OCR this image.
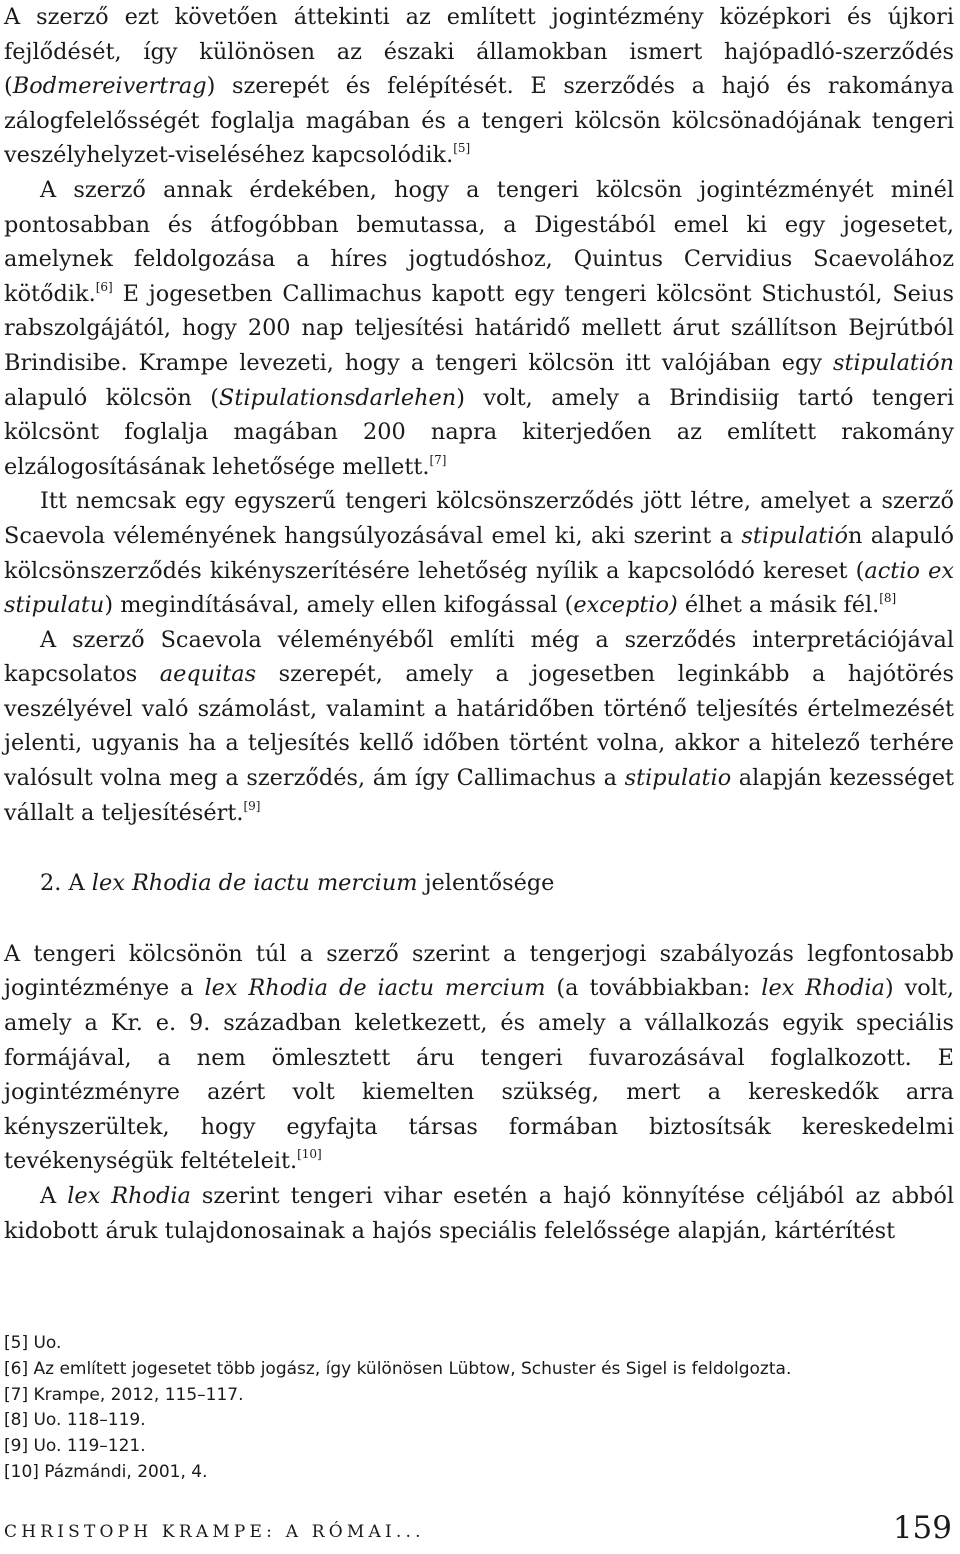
A szerző ezt követően áttekinti az említett jogintézmény középkori és újkori fejlődését, így különösen az északi államokban ismert hajópadló-szerződés (Bodmereivertrag) szerepét és felépítését. E szerződés a hajó és rakománya zálogfelelősségét foglalja magában és a tengeri kölcsön kölcsönadójának tengeri veszélyhelyzet-viseléséhez kapcsolódik.[5]

A szerző annak érdekében, hogy a tengeri kölcsön jogintézményét minél pontosabban és átfogóbban bemutassa, a Digestából emel ki egy jogesetet, amelynek feldolgozása a híres jogtudóshoz, Quintus Cervidius Scaevolához kötődik.[6] E jogesetben Callimachus kapott egy tengeri kölcsönt Stichustól, Seius rabszolgájától, hogy 200 nap teljesítési határidő mellett árut szállítson Bejrútból Brindisibe. Krampe levezeti, hogy a tengeri kölcsön itt valójában egy stipulatión alapuló kölcsön (Stipulationsdarlehen) volt, amely a Brindisiig tartó tengeri kölcsönt foglalja magában 200 napra kiterjedően az említett rakomány elzálogosításának lehetősége mellett.[7]

Itt nemcsak egy egyszerű tengeri kölcsönszerződés jött létre, amelyet a szerző Scaevola véleményének hangsúlyozásával emel ki, aki szerint a stipulatión alapuló kölcsönszerződés kikényszerítésére lehetőség nyílik a kapcsolódó kereset (actio ex stipulatu) megindításával, amely ellen kifogással (exceptio) élhet a másik fél.[8]

A szerző Scaevola véleményéből említi még a szerződés interpretációjával kapcsolatos aequitas szerepét, amely a jogesetben leginkább a hajótörés veszélyével való számolást, valamint a határidőben történő teljesítés értelmezését jelenti, ugyanis ha a teljesítés kellő időben történt volna, akkor a hitelező terhére valósult volna meg a szerződés, ám így Callimachus a stipulatio alapján kezességet vállalt a teljesítésért.[9]

2. A lex Rhodia de iactu mercium jelentősége

A tengeri kölcsönön túl a szerző szerint a tengerjogi szabályozás legfontosabb jogintézménye a lex Rhodia de iactu mercium (a továbbiakban: lex Rhodia) volt, amely a Kr. e. 9. században keletkezett, és amely a vállalkozás egyik speciális formájával, a nem ömlesztett áru tengeri fuvarozásával foglalkozott. E jogintézményre azért volt kiemelten szükség, mert a kereskedők arra kényszerültek, hogy egyfajta társas formában biztosítsák kereskedelmi tevékenységük feltételeit.[10]

A lex Rhodia szerint tengeri vihar esetén a hajó könnyítése céljából az abból kidobott áruk tulajdonosainak a hajós speciális felelőssége alapján, kártérítést

[5] Uo.
[6] Az említett jogesetet több jogász, így különösen Lübtow, Schuster és Sigel is feldolgozta.
[7] Krampe, 2012, 115–117.
[8] Uo. 118–119.
[9] Uo. 119–121.
[10] Pázmándi, 2001, 4.
CHRISTOPH KRAMPE: A RÓMAI...	159
